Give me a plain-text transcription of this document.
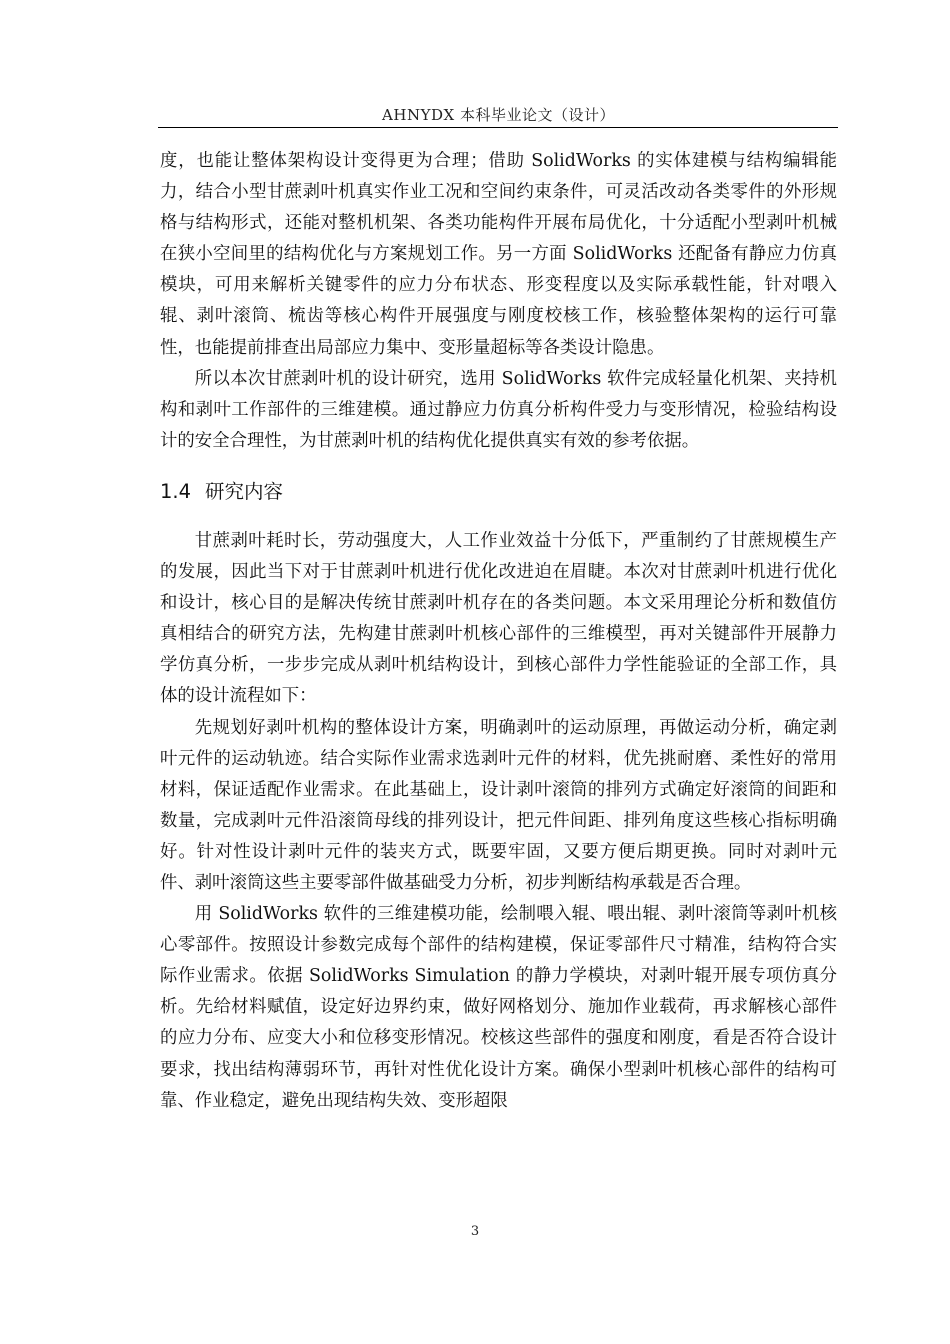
AHNYDX 本科毕业论文（设计）

度，也能让整体架构设计变得更为合理；借助 SolidWorks 的实体建模与结构编辑能力，结合小型甘蔗剥叶机真实作业工况和空间约束条件，可灵活改动各类零件的外形规格与结构形式，还能对整机机架、各类功能构件开展布局优化，十分适配小型剥叶机械在狭小空间里的结构优化与方案规划工作。另一方面 SolidWorks 还配备有静应力仿真模块，可用来解析关键零件的应力分布状态、形变程度以及实际承载性能，针对喂入辊、剥叶滚筒、梳齿等核心构件开展强度与刚度校核工作，核验整体架构的运行可靠性，也能提前排查出局部应力集中、变形量超标等各类设计隐患。

所以本次甘蔗剥叶机的设计研究，选用 SolidWorks 软件完成轻量化机架、夹持机构和剥叶工作部件的三维建模。通过静应力仿真分析构件受力与变形情况，检验结构设计的安全合理性，为甘蔗剥叶机的结构优化提供真实有效的参考依据。

1.4 研究内容

甘蔗剥叶耗时长，劳动强度大，人工作业效益十分低下，严重制约了甘蔗规模生产的发展，因此当下对于甘蔗剥叶机进行优化改进迫在眉睫。本次对甘蔗剥叶机进行优化和设计，核心目的是解决传统甘蔗剥叶机存在的各类问题。本文采用理论分析和数值仿真相结合的研究方法，先构建甘蔗剥叶机核心部件的三维模型，再对关键部件开展静力学仿真分析，一步步完成从剥叶机结构设计，到核心部件力学性能验证的全部工作，具体的设计流程如下：

先规划好剥叶机构的整体设计方案，明确剥叶的运动原理，再做运动分析，确定剥叶元件的运动轨迹。结合实际作业需求选剥叶元件的材料，优先挑耐磨、柔性好的常用材料，保证适配作业需求。在此基础上，设计剥叶滚筒的排列方式确定好滚筒的间距和数量，完成剥叶元件沿滚筒母线的排列设计，把元件间距、排列角度这些核心指标明确好。针对性设计剥叶元件的装夹方式，既要牢固，又要方便后期更换。同时对剥叶元件、剥叶滚筒这些主要零部件做基础受力分析，初步判断结构承载是否合理。

用 SolidWorks 软件的三维建模功能，绘制喂入辊、喂出辊、剥叶滚筒等剥叶机核心零部件。按照设计参数完成每个部件的结构建模，保证零部件尺寸精准，结构符合实际作业需求。依据 SolidWorks Simulation 的静力学模块，对剥叶辊开展专项仿真分析。先给材料赋值，设定好边界约束，做好网格划分、施加作业载荷，再求解核心部件的应力分布、应变大小和位移变形情况。校核这些部件的强度和刚度，看是否符合设计要求，找出结构薄弱环节，再针对性优化设计方案。确保小型剥叶机核心部件的结构可靠、作业稳定，避免出现结构失效、变形超限

3
